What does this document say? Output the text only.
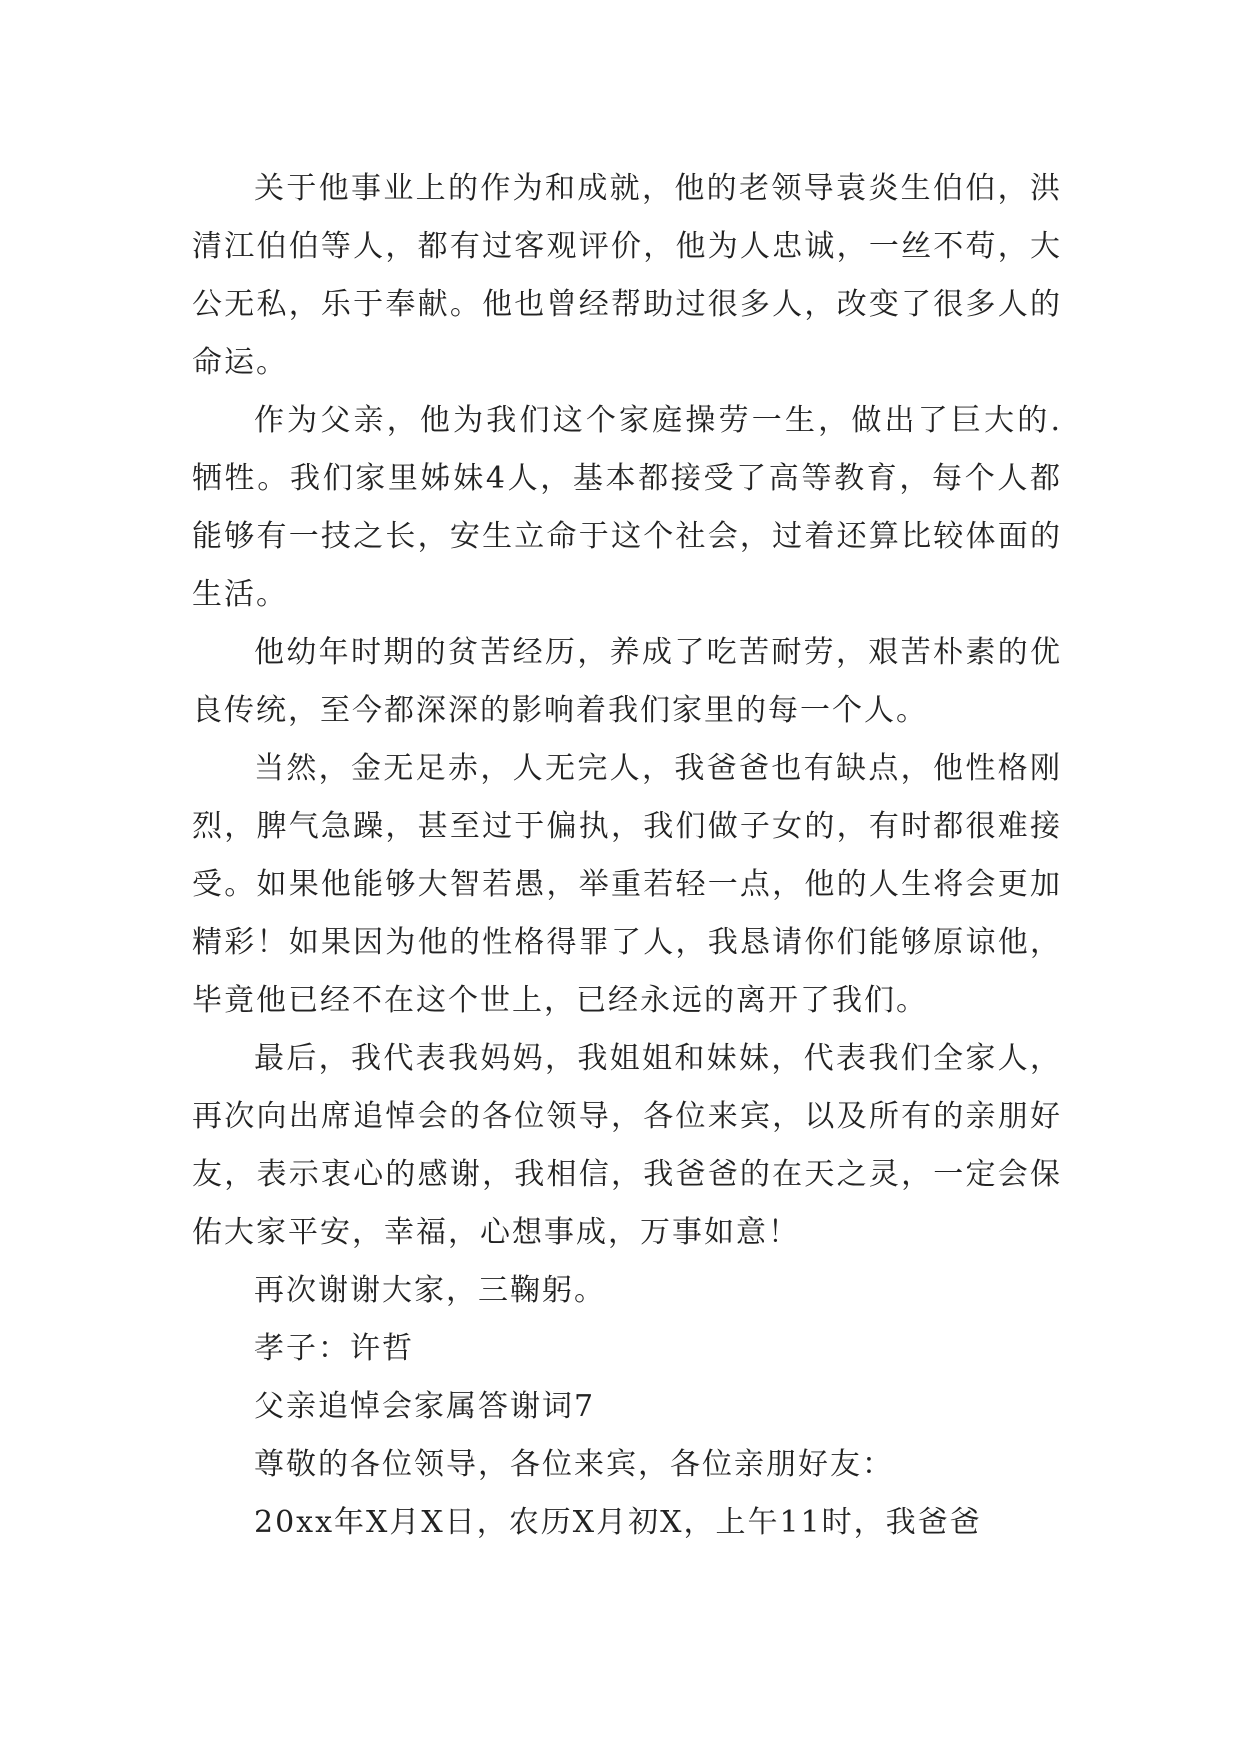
关于他事业上的作为和成就，他的老领导袁炎生伯伯，洪清江伯伯等人，都有过客观评价，他为人忠诚，一丝不苟，大公无私，乐于奉献。他也曾经帮助过很多人，改变了很多人的命运。

作为父亲，他为我们这个家庭操劳一生，做出了巨大的.牺牲。我们家里姊妹4人，基本都接受了高等教育，每个人都能够有一技之长，安生立命于这个社会，过着还算比较体面的生活。

他幼年时期的贫苦经历，养成了吃苦耐劳，艰苦朴素的优良传统，至今都深深的影响着我们家里的每一个人。

当然，金无足赤，人无完人，我爸爸也有缺点，他性格刚烈，脾气急躁，甚至过于偏执，我们做子女的，有时都很难接受。如果他能够大智若愚，举重若轻一点，他的人生将会更加精彩！如果因为他的性格得罪了人，我恳请你们能够原谅他，毕竟他已经不在这个世上，已经永远的离开了我们。

最后，我代表我妈妈，我姐姐和妹妹，代表我们全家人，再次向出席追悼会的各位领导，各位来宾，以及所有的亲朋好友，表示衷心的感谢，我相信，我爸爸的在天之灵，一定会保佑大家平安，幸福，心想事成，万事如意！

再次谢谢大家，三鞠躬。

孝子：许哲

父亲追悼会家属答谢词7

尊敬的各位领导，各位来宾，各位亲朋好友：

20xx年X月X日，农历X月初X，上午11时，我爸爸
